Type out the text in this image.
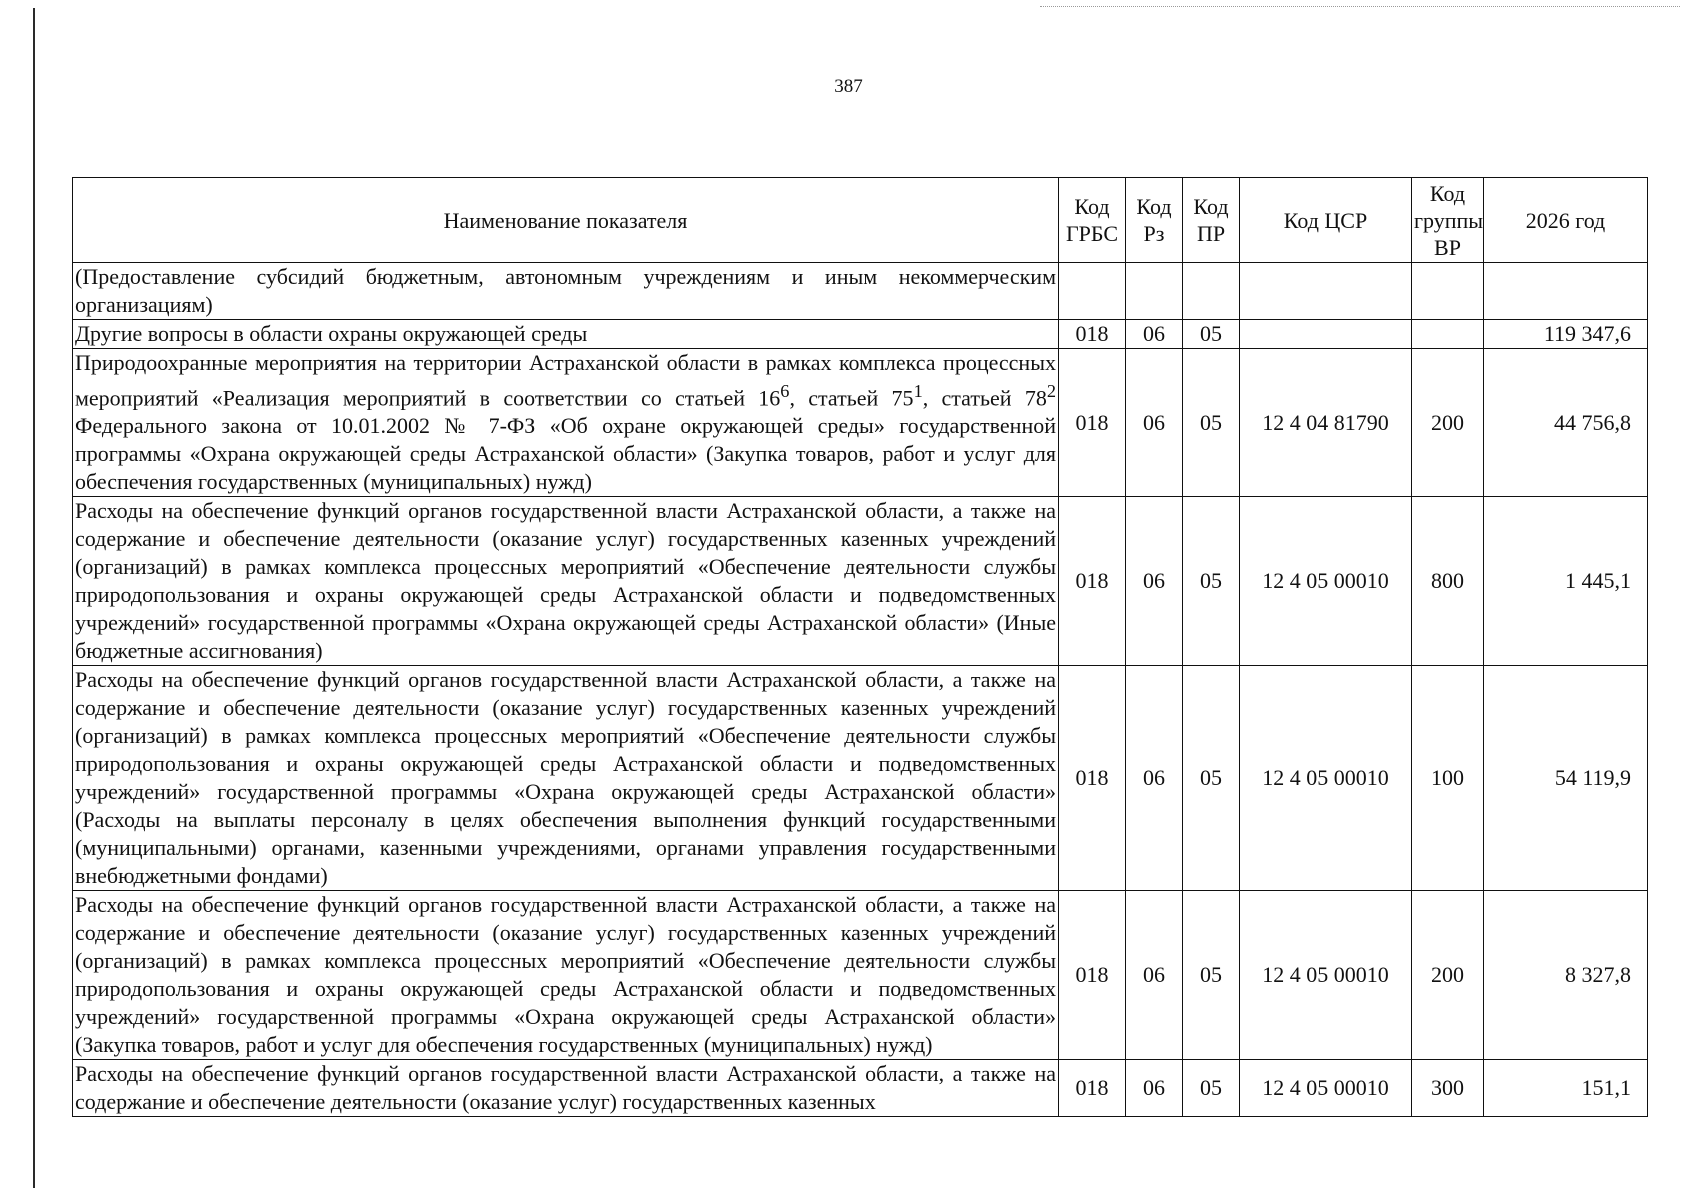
387
Наименование показателя	Код ГРБС	Код Рз	Код ПР	Код ЦСР	Код группы ВР	2026 год
(Предоставление субсидий бюджетным, автономным учреждениям и иным некоммерческим организациям)						
Другие вопросы в области охраны окружающей среды	018	06	05			119 347,6
Природоохранные мероприятия на территории Астраханской области в рамках комплекса процессных мероприятий «Реализация мероприятий в соответствии со статьей $16^6$, статьей $75^1$, статьей $78^2$ Федерального закона от 10.01.2002 № 7-ФЗ «Об охране окружающей среды» государственной программы «Охрана окружающей среды Астраханской области» (Закупка товаров, работ и услуг для обеспечения государственных (муниципальных) нужд)	018	06	05	12 4 04 81790	200	44 756,8
Расходы на обеспечение функций органов государственной власти Астраханской области, а также на содержание и обеспечение деятельности (оказание услуг) государственных казенных учреждений (организаций) в рамках комплекса процессных мероприятий «Обеспечение деятельности службы природопользования и охраны окружающей среды Астраханской области и подведомственных учреждений» государственной программы «Охрана окружающей среды Астраханской области» (Иные бюджетные ассигнования)	018	06	05	12 4 05 00010	800	1 445,1
Расходы на обеспечение функций органов государственной власти Астраханской области, а также на содержание и обеспечение деятельности (оказание услуг) государственных казенных учреждений (организаций) в рамках комплекса процессных мероприятий «Обеспечение деятельности службы природопользования и охраны окружающей среды Астраханской области и подведомственных учреждений» государственной программы «Охрана окружающей среды Астраханской области» (Расходы на выплаты персоналу в целях обеспечения выполнения функций государственными (муниципальными) органами, казенными учреждениями, органами управления государственными внебюджетными фондами)	018	06	05	12 4 05 00010	100	54 119,9
Расходы на обеспечение функций органов государственной власти Астраханской области, а также на содержание и обеспечение деятельности (оказание услуг) государственных казенных учреждений (организаций) в рамках комплекса процессных мероприятий «Обеспечение деятельности службы природопользования и охраны окружающей среды Астраханской области и подведомственных учреждений» государственной программы «Охрана окружающей среды Астраханской области» (Закупка товаров, работ и услуг для обеспечения государственных (муниципальных) нужд)	018	06	05	12 4 05 00010	200	8 327,8
Расходы на обеспечение функций органов государственной власти Астраханской области, а также на содержание и обеспечение деятельности (оказание услуг) государственных казенных	018	06	05	12 4 05 00010	300	151,1
